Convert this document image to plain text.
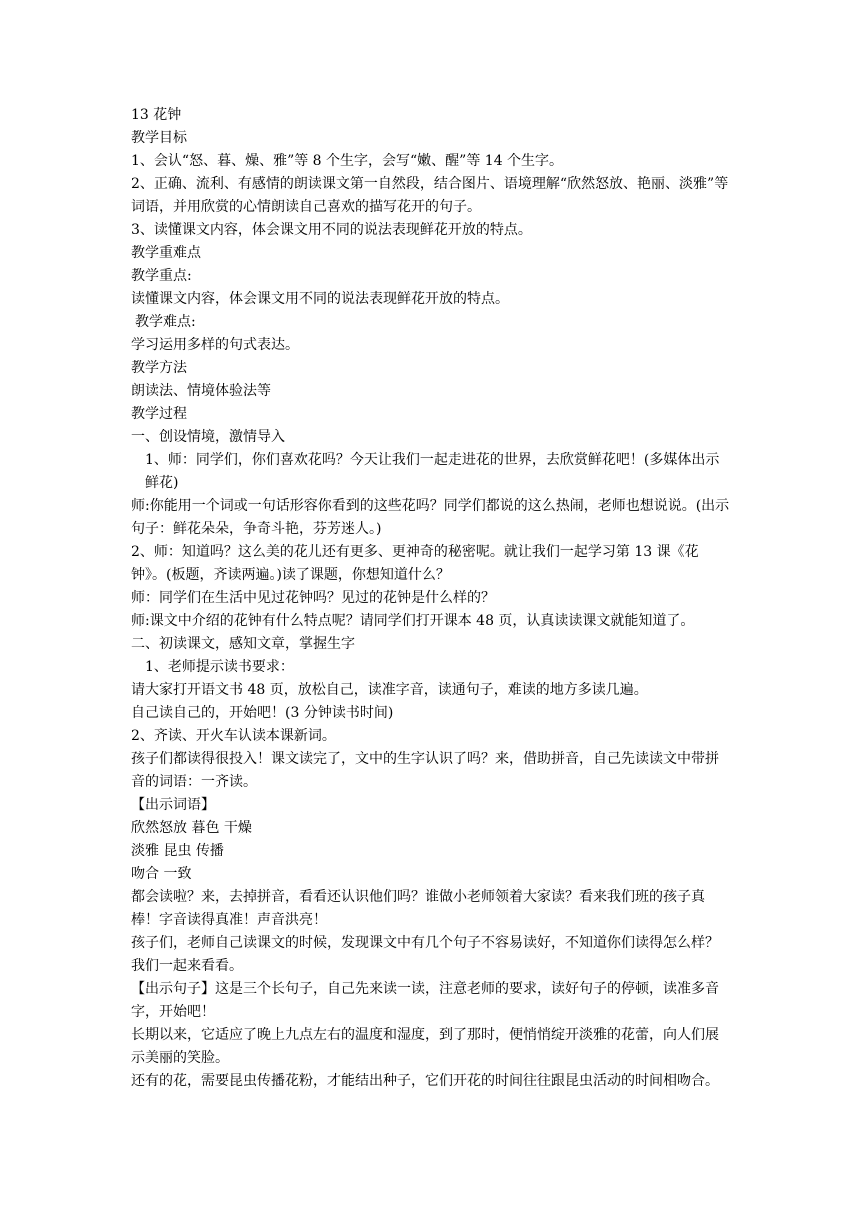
13 花钟

教学目标

1、会认“怒、暮、燥、雅”等 8 个生字，会写“嫩、醒”等 14 个生字。

2、正确、流利、有感情的朗读课文第一自然段，结合图片、语境理解“欣然怒放、艳丽、淡雅”等词语，并用欣赏的心情朗读自己喜欢的描写花开的句子。

3、读懂课文内容，体会课文用不同的说法表现鲜花开放的特点。

教学重难点

教学重点:

读懂课文内容，体会课文用不同的说法表现鲜花开放的特点。

教学难点:

学习运用多样的句式表达。

教学方法

朗读法、情境体验法等

教学过程

一、创设情境，激情导入

1、师：同学们，你们喜欢花吗？今天让我们一起走进花的世界，去欣赏鲜花吧！(多媒体出示鲜花)

师:你能用一个词或一句话形容你看到的这些花吗？同学们都说的这么热闹，老师也想说说。(出示句子：鲜花朵朵，争奇斗艳，芬芳迷人。)

2、师：知道吗？这么美的花儿还有更多、更神奇的秘密呢。就让我们一起学习第 13 课《花钟》。(板题，齐读两遍。)读了课题，你想知道什么？

师：同学们在生活中见过花钟吗？见过的花钟是什么样的？

师:课文中介绍的花钟有什么特点呢？请同学们打开课本 48 页，认真读读课文就能知道了。

二、初读课文，感知文章，掌握生字

1、老师提示读书要求：

请大家打开语文书 48 页，放松自己，读准字音，读通句子，难读的地方多读几遍。

自己读自己的，开始吧！(3 分钟读书时间)

2、齐读、开火车认读本课新词。

孩子们都读得很投入！课文读完了，文中的生字认识了吗？来，借助拼音，自己先读读文中带拼音的词语：一齐读。

【出示词语】

欣然怒放 暮色 干燥

淡雅 昆虫 传播

吻合 一致

都会读啦？来，去掉拼音，看看还认识他们吗？谁做小老师领着大家读？看来我们班的孩子真棒！字音读得真准！声音洪亮！

孩子们，老师自己读课文的时候，发现课文中有几个句子不容易读好，不知道你们读得怎么样？我们一起来看看。

【出示句子】这是三个长句子，自己先来读一读，注意老师的要求，读好句子的停顿，读准多音字，开始吧！

长期以来，它适应了晚上九点左右的温度和湿度，到了那时，便悄悄绽开淡雅的花蕾，向人们展示美丽的笑脸。

还有的花，需要昆虫传播花粉，才能结出种子，它们开花的时间往往跟昆虫活动的时间相吻合。
